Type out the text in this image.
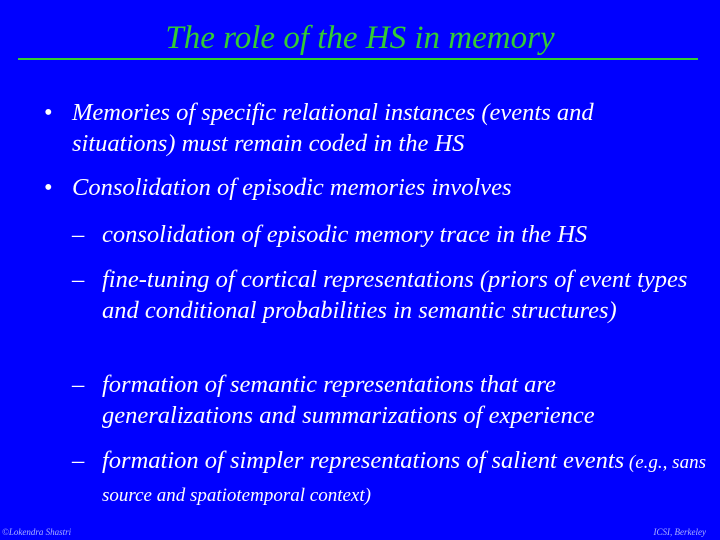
The role of the HS in memory
• Memories of specific relational instances (events and situations) must remain coded in the HS
• Consolidation of episodic memories involves
– consolidation of episodic memory trace in the HS
– fine-tuning of cortical representations (priors of event types and conditional probabilities in semantic structures)
– formation of semantic representations that are generalizations and summarizations of experience
– formation of simpler representations of salient events (e.g., sans source and spatiotemporal context)
©Lokendra Shastri	ICSI, Berkeley
